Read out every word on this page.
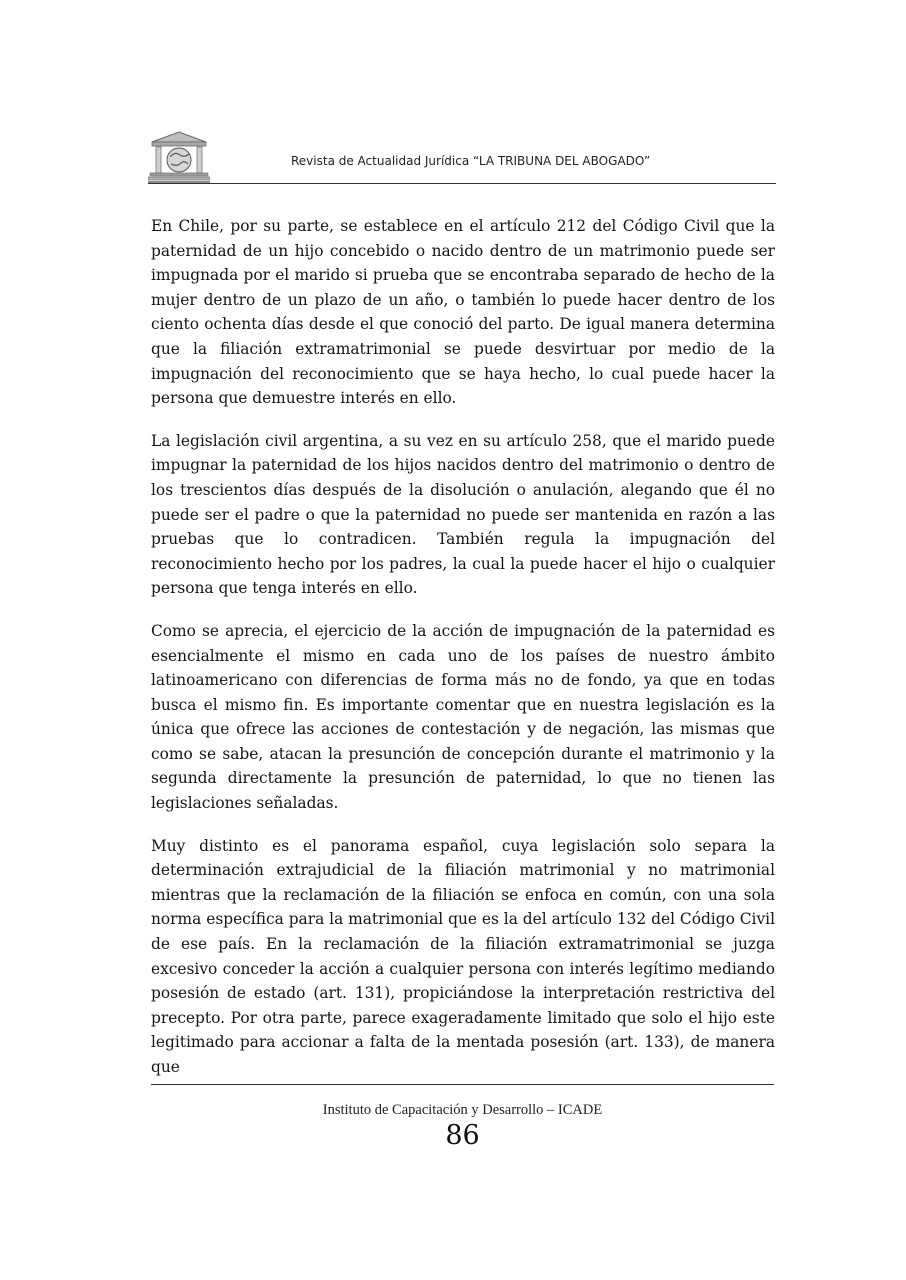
Revista de Actualidad Jurídica “LA TRIBUNA DEL ABOGADO”

En Chile, por su parte, se establece en el artículo 212 del Código Civil que la paternidad de un hijo concebido o nacido dentro de un matrimonio puede ser impugnada por el marido si prueba que se encontraba separado de hecho de la mujer dentro de un plazo de un año, o también lo puede hacer dentro de los ciento ochenta días desde el que conoció del parto. De igual manera determina que la filiación extramatrimonial se puede desvirtuar por medio de la impugnación del reconocimiento que se haya hecho, lo cual puede hacer la persona que demuestre interés en ello.

La legislación civil argentina, a su vez en su artículo 258, que el marido puede impugnar la paternidad de los hijos nacidos dentro del matrimonio o dentro de los trescientos días después de la disolución o anulación, alegando que él no puede ser el padre o que la paternidad no puede ser mantenida en razón a las pruebas que lo contradicen. También regula la impugnación del reconocimiento hecho por los padres, la cual la puede hacer el hijo o cualquier persona que tenga interés en ello.

Como se aprecia, el ejercicio de la acción de impugnación de la paternidad es esencialmente el mismo en cada uno de los países de nuestro ámbito latinoamericano con diferencias de forma más no de fondo, ya que en todas busca el mismo fin. Es importante comentar que en nuestra legislación es la única que ofrece las acciones de contestación y de negación, las mismas que como se sabe, atacan la presunción de concepción durante el matrimonio y la segunda directamente la presunción de paternidad, lo que no tienen las legislaciones señaladas.

Muy distinto es el panorama español, cuya legislación solo separa la determinación extrajudicial de la filiación matrimonial y no matrimonial mientras que la reclamación de la filiación se enfoca en común, con una sola norma específica para la matrimonial que es la del artículo 132 del Código Civil de ese país. En la reclamación de la filiación extramatrimonial se juzga excesivo conceder la acción a cualquier persona con interés legítimo mediando posesión de estado (art. 131), propiciándose la interpretación restrictiva del precepto. Por otra parte, parece exageradamente limitado que solo el hijo este legitimado para accionar a falta de la mentada posesión (art. 133), de manera que

Instituto de Capacitación y Desarrollo – ICADE
86
